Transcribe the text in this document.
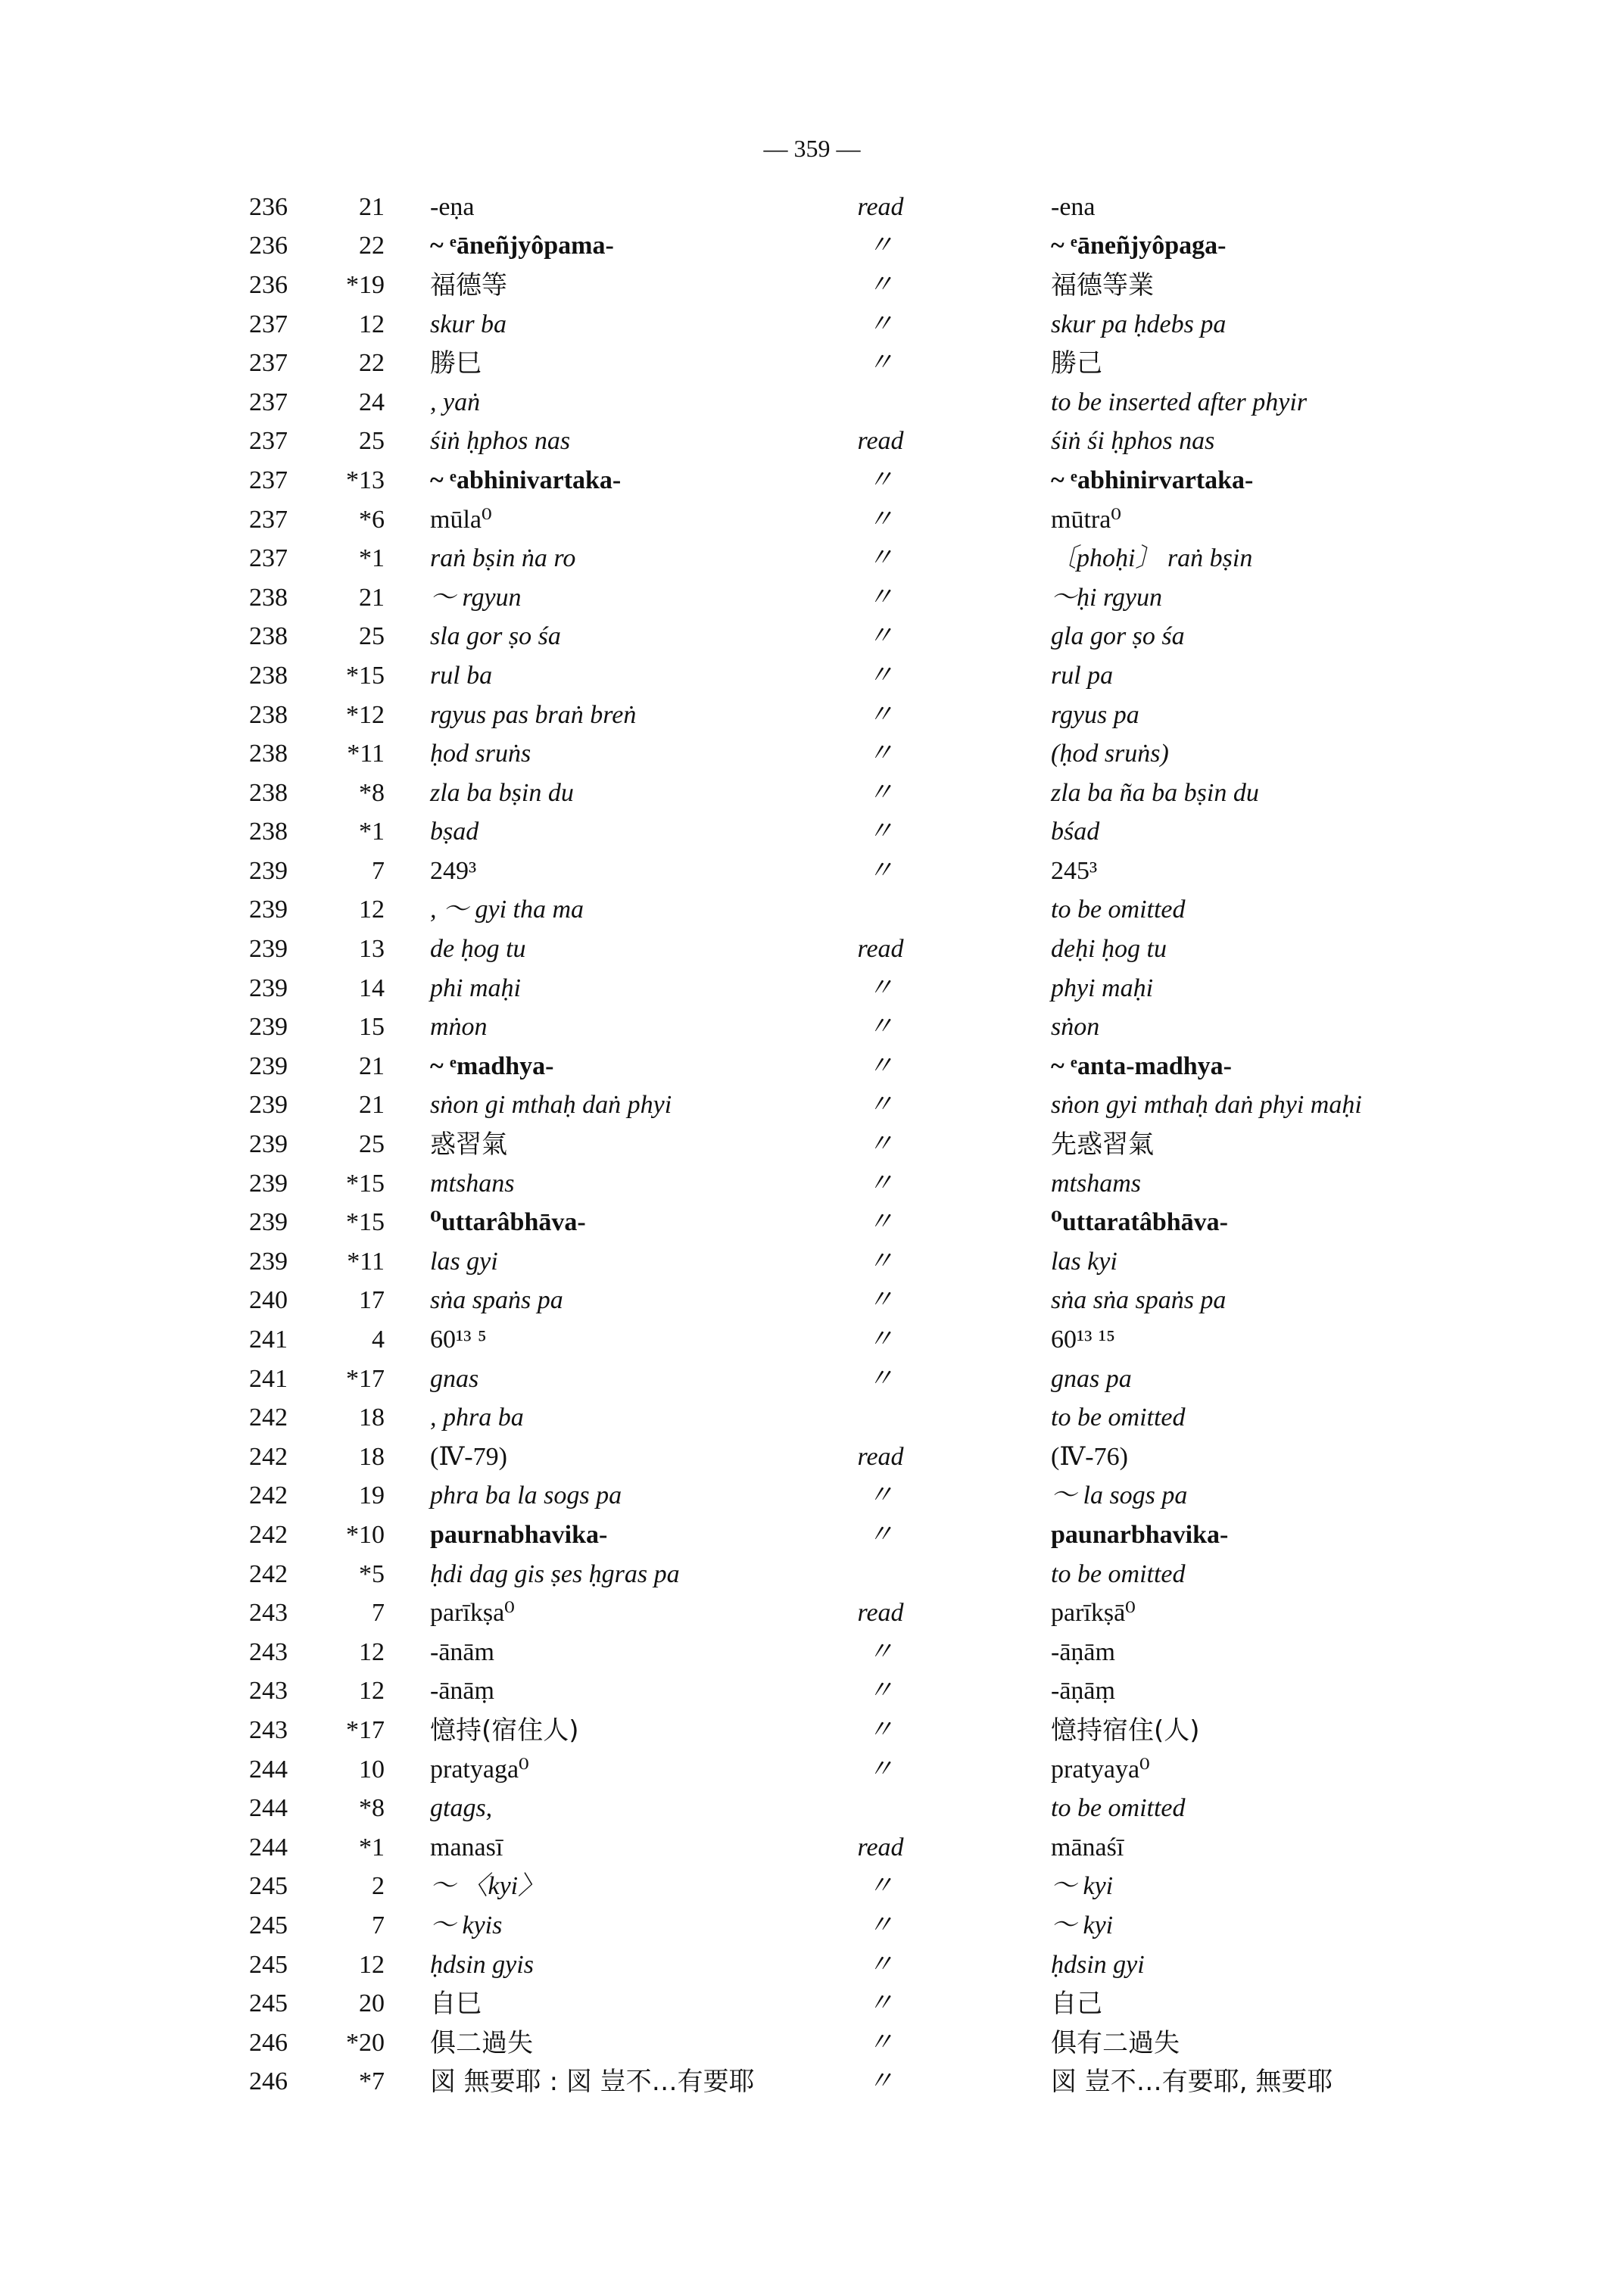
— 359 —
236	21	-eṇa	read	-ena
236	22	~ ͤāneñjyôpama-	〃	~ ͤāneñjyôpaga-
236	*19	福德等	〃	福德等業
237	12	skur ba	〃	skur pa ḥdebs pa
237	22	勝巳	〃	勝己
237	24	, yaṅ		to be inserted after phyir
237	25	śiṅ ḥphos nas	read	śiṅ śi ḥphos nas
237	*13	~ ͤabhinivartaka-	〃	~ ͤabhinirvartaka-
237	*6	mūla⁰	〃	mūtra⁰
237	*1	raṅ bṣin ṅa ro	〃	〔phoḥi〕 raṅ bṣin
238	21	～ rgyun	〃	～ḥi rgyun
238	25	sla gor ṣo śa	〃	gla gor ṣo śa
238	*15	rul ba	〃	rul pa
238	*12	rgyus pas braṅ breṅ	〃	rgyus pa
238	*11	ḥod sruṅs	〃	(ḥod sruṅs)
238	*8	zla ba bṣin du	〃	zla ba ña ba bṣin du
238	*1	bṣad	〃	bśad
239	7	249³	〃	245³
239	12	, ～ gyi tha ma		to be omitted
239	13	de ḥog tu	read	deḥi ḥog tu
239	14	phi maḥi	〃	phyi maḥi
239	15	mṅon	〃	sṅon
239	21	~ ͤmadhya-	〃	~ ͤanta-madhya-
239	21	sṅon gi mthaḥ daṅ phyi	〃	sṅon gyi mthaḥ daṅ phyi maḥi
239	25	惑習氣	〃	先惑習氣
239	*15	mtshans	〃	mtshams
239	*15	⁰uttarâbhāva-	〃	⁰uttaratâbhāva-
239	*11	las gyi	〃	las kyi
240	17	sṅa spaṅs pa	〃	sṅa sṅa spaṅs pa
241	4	60¹³ ⁵	〃	60¹³ ¹⁵
241	*17	gnas	〃	gnas pa
242	18	, phra ba		to be omitted
242	18	(Ⅳ-79)	read	(Ⅳ-76)
242	19	phra ba la sogs pa	〃	～ la sogs pa
242	*10	paurnabhavika-	〃	paunarbhavika-
242	*5	ḥdi dag gis ṣes ḥgras pa		to be omitted
243	7	parīkṣa⁰	read	parīkṣā⁰
243	12	-ānām	〃	-āṇām
243	12	-ānāṃ	〃	-āṇāṃ
243	*17	憶持(宿住人)	〃	憶持宿住(人)
244	10	pratyaga⁰	〃	pratyaya⁰
244	*8	gtags,		to be omitted
244	*1	manasī	read	mānaśī
245	2	～ 〈kyi〉	〃	～ kyi
245	7	～ kyis	〃	～ kyi
245	12	ḥdsin gyis	〃	ḥdsin gyi
245	20	自巳	〃	自己
246	*20	俱二過失	〃	俱有二過失
246	*7	図 無要耶 : 図 豈不…有要耶	〃	図 豈不…有要耶, 無要耶
